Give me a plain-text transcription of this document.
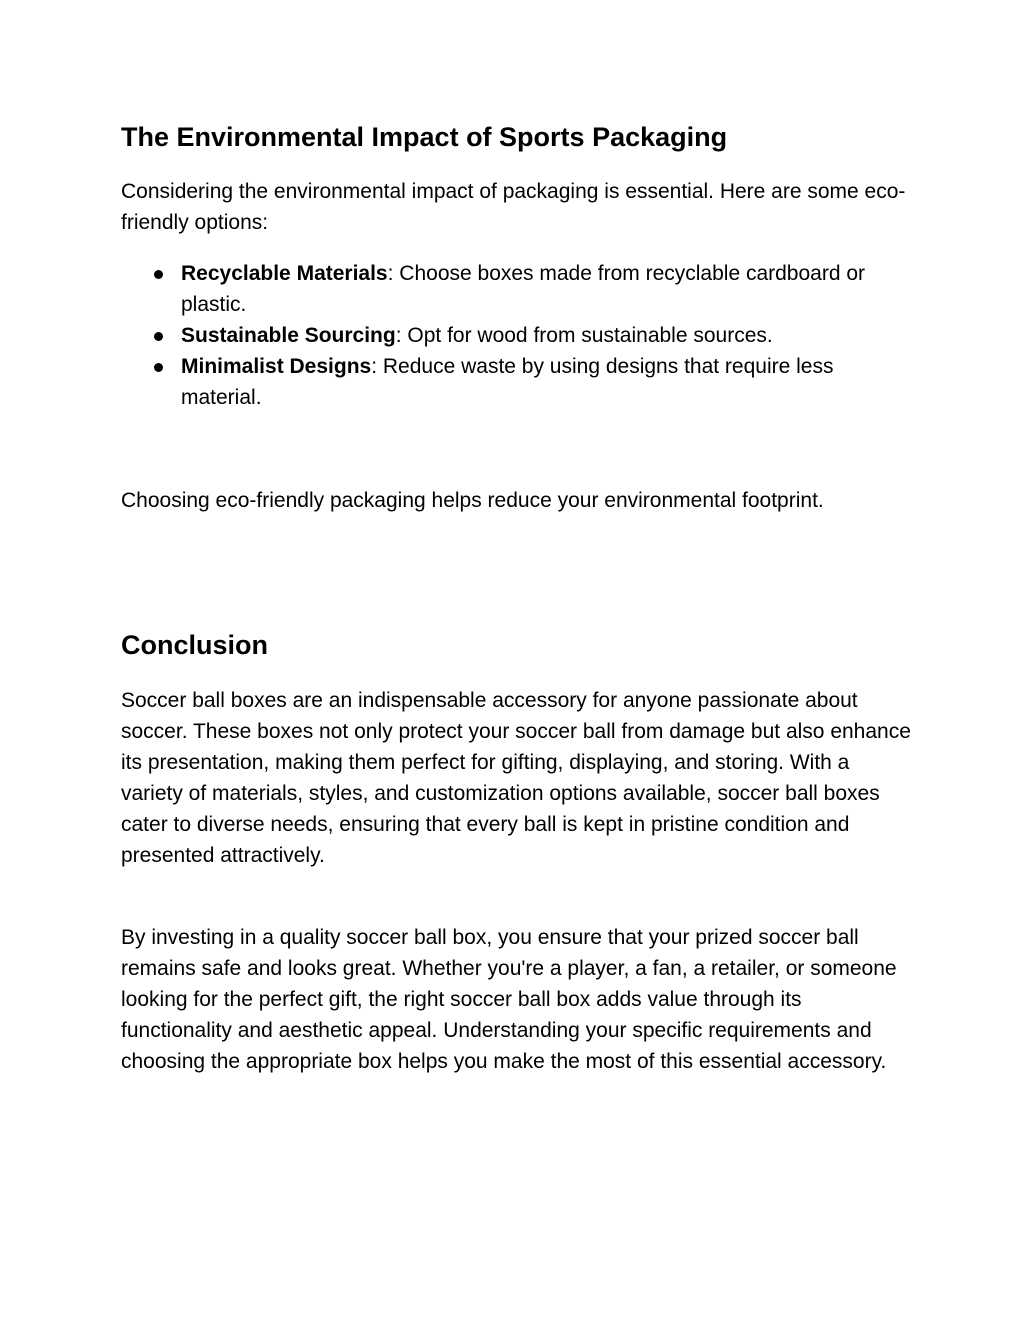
The Environmental Impact of Sports Packaging

Considering the environmental impact of packaging is essential. Here are some eco-friendly options:

Recyclable Materials: Choose boxes made from recyclable cardboard or plastic.
Sustainable Sourcing: Opt for wood from sustainable sources.
Minimalist Designs: Reduce waste by using designs that require less material.

Choosing eco-friendly packaging helps reduce your environmental footprint.

Conclusion

Soccer ball boxes are an indispensable accessory for anyone passionate about soccer. These boxes not only protect your soccer ball from damage but also enhance its presentation, making them perfect for gifting, displaying, and storing. With a variety of materials, styles, and customization options available, soccer ball boxes cater to diverse needs, ensuring that every ball is kept in pristine condition and presented attractively.

By investing in a quality soccer ball box, you ensure that your prized soccer ball remains safe and looks great. Whether you're a player, a fan, a retailer, or someone looking for the perfect gift, the right soccer ball box adds value through its functionality and aesthetic appeal. Understanding your specific requirements and choosing the appropriate box helps you make the most of this essential accessory.
